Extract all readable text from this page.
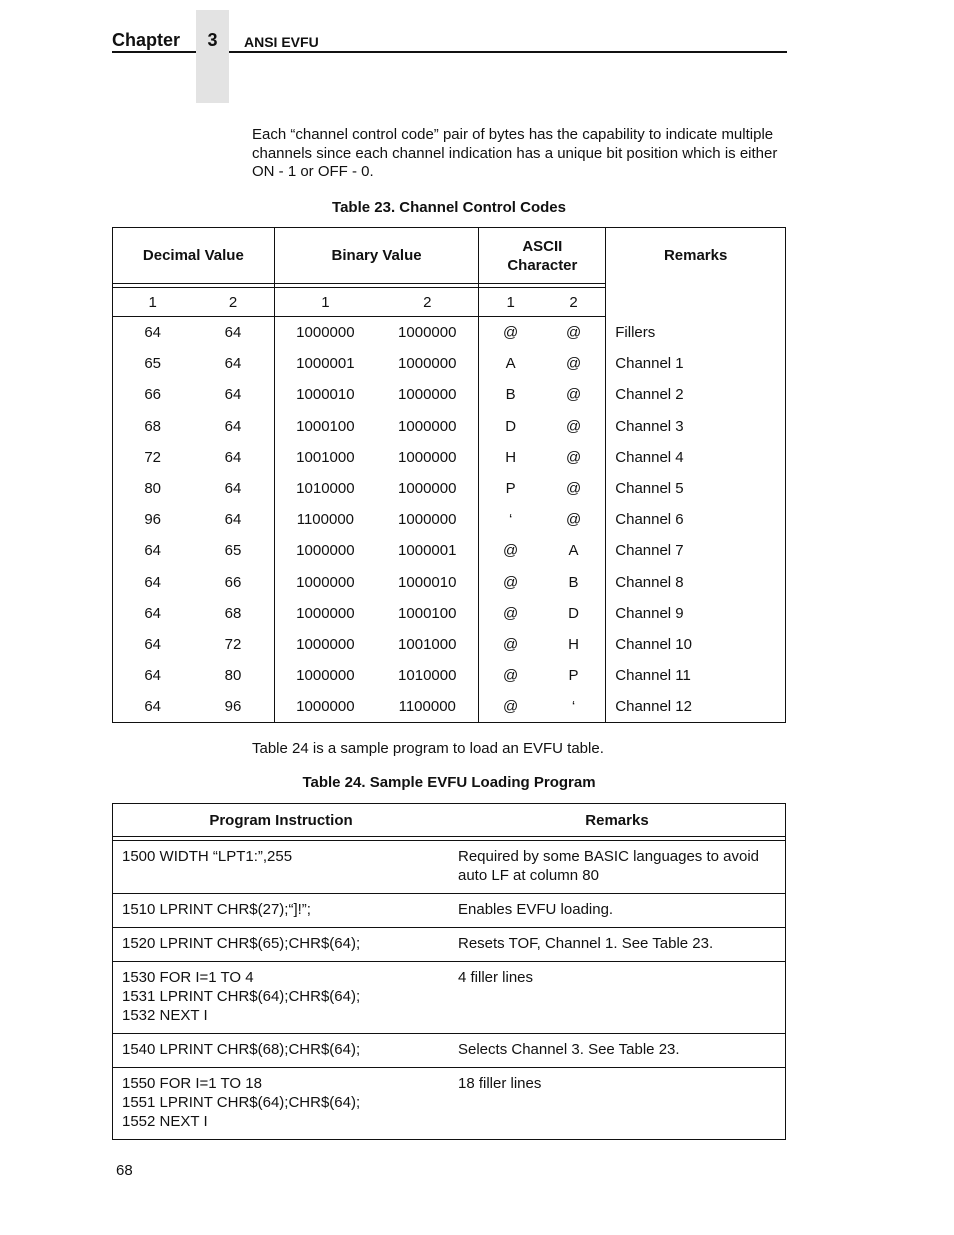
Chapter	3	ANSI EVFU
Each “channel control code” pair of bytes has the capability to indicate multiple channels since each channel indication has a unique bit position which is either ON - 1 or OFF - 0.
Table 23. Channel Control Codes
Decimal Value		Binary Value		ASCII
Character		Remarks

1	2	1	2	1	2	
64	64	1000000	1000000	@	@	Fillers
65	64	1000001	1000000	A	@	Channel 1
66	64	1000010	1000000	B	@	Channel 2
68	64	1000100	1000000	D	@	Channel 3
72	64	1001000	1000000	H	@	Channel 4
80	64	1010000	1000000	P	@	Channel 5
96	64	1100000	1000000	‘	@	Channel 6
64	65	1000000	1000001	@	A	Channel 7
64	66	1000000	1000010	@	B	Channel 8
64	68	1000000	1000100	@	D	Channel 9
64	72	1000000	1001000	@	H	Channel 10
64	80	1000000	1010000	@	P	Channel 11
64	96	1000000	1100000	@	‘	Channel 12
Table 24 is a sample program to load an EVFU table.
Table 24. Sample EVFU Loading Program
Program Instruction	Remarks

1500 WIDTH “LPT1:”,255	Required by some BASIC languages to avoid
auto LF at column 80

1510 LPRINT CHR$(27);“]!”;	Enables EVFU loading.

1520 LPRINT CHR$(65);CHR$(64);	Resets TOF, Channel 1. See Table 23.

1530 FOR I=1 TO 4
1531 LPRINT CHR$(64);CHR$(64);
1532 NEXT I	4 filler lines

1540 LPRINT CHR$(68);CHR$(64);	Selects Channel 3. See Table 23.

1550 FOR I=1 TO 18
1551 LPRINT CHR$(64);CHR$(64);
1552 NEXT I	18 filler lines
68
